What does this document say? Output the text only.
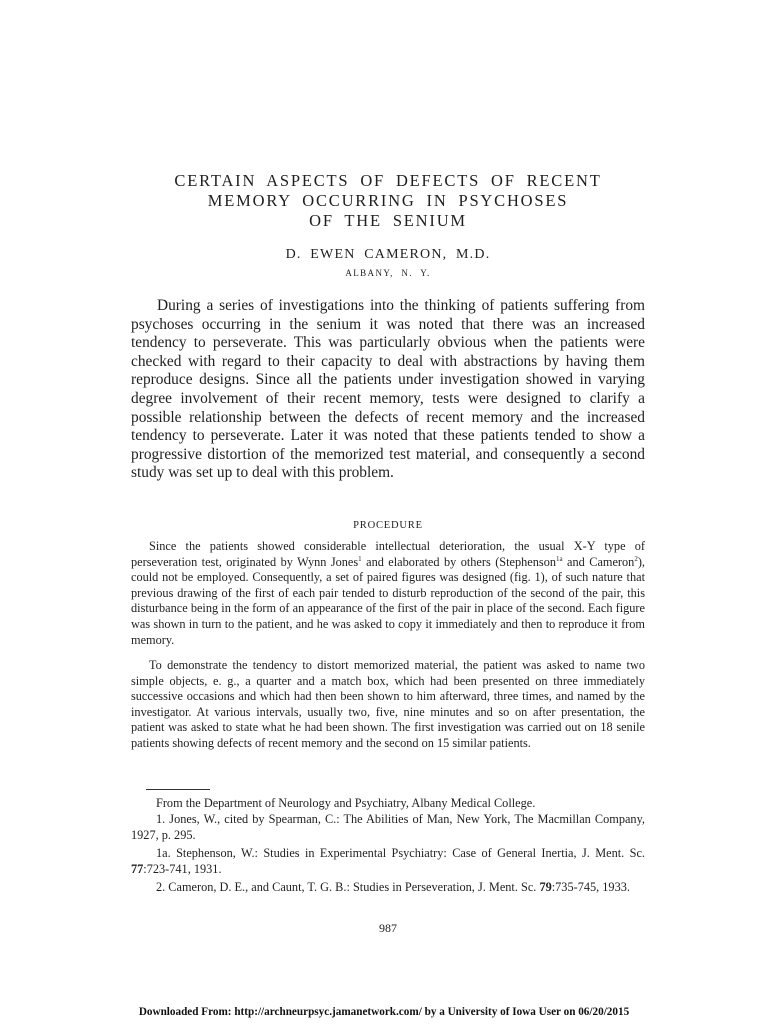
CERTAIN ASPECTS OF DEFECTS OF RECENT
MEMORY OCCURRING IN PSYCHOSES
OF THE SENIUM
D. EWEN CAMERON, M.D.
ALBANY, N. Y.

During a series of investigations into the thinking of patients suffering from psychoses occurring in the senium it was noted that there was an increased tendency to perseverate. This was particularly obvious when the patients were checked with regard to their capacity to deal with abstractions by having them reproduce designs. Since all the patients under investigation showed in varying degree involvement of their recent memory, tests were designed to clarify a possible relationship between the defects of recent memory and the increased tendency to perseverate. Later it was noted that these patients tended to show a progressive distortion of the memorized test material, and consequently a second study was set up to deal with this problem.

PROCEDURE

Since the patients showed considerable intellectual deterioration, the usual X-Y type of perseveration test, originated by Wynn Jones$^1$ and elaborated by others (Stephenson$^{1a}$ and Cameron$^2$), could not be employed. Consequently, a set of paired figures was designed (fig. 1), of such nature that previous drawing of the first of each pair tended to disturb reproduction of the second of the pair, this disturbance being in the form of an appearance of the first of the pair in place of the second. Each figure was shown in turn to the patient, and he was asked to copy it immediately and then to reproduce it from memory.

To demonstrate the tendency to distort memorized material, the patient was asked to name two simple objects, e. g., a quarter and a match box, which had been presented on three immediately successive occasions and which had then been shown to him afterward, three times, and named by the investigator. At various intervals, usually two, five, nine minutes and so on after presentation, the patient was asked to state what he had been shown. The first investigation was carried out on 18 senile patients showing defects of recent memory and the second on 15 similar patients.

From the Department of Neurology and Psychiatry, Albany Medical College.

1. Jones, W., cited by Spearman, C.: The Abilities of Man, New York, The Macmillan Company, 1927, p. 295.

1a. Stephenson, W.: Studies in Experimental Psychiatry: Case of General Inertia, J. Ment. Sc. 77:723-741, 1931.

2. Cameron, D. E., and Caunt, T. G. B.: Studies in Perseveration, J. Ment. Sc. 79:735-745, 1933.

987
Downloaded From: http://archneurpsyc.jamanetwork.com/ by a University of Iowa User on 06/20/2015
